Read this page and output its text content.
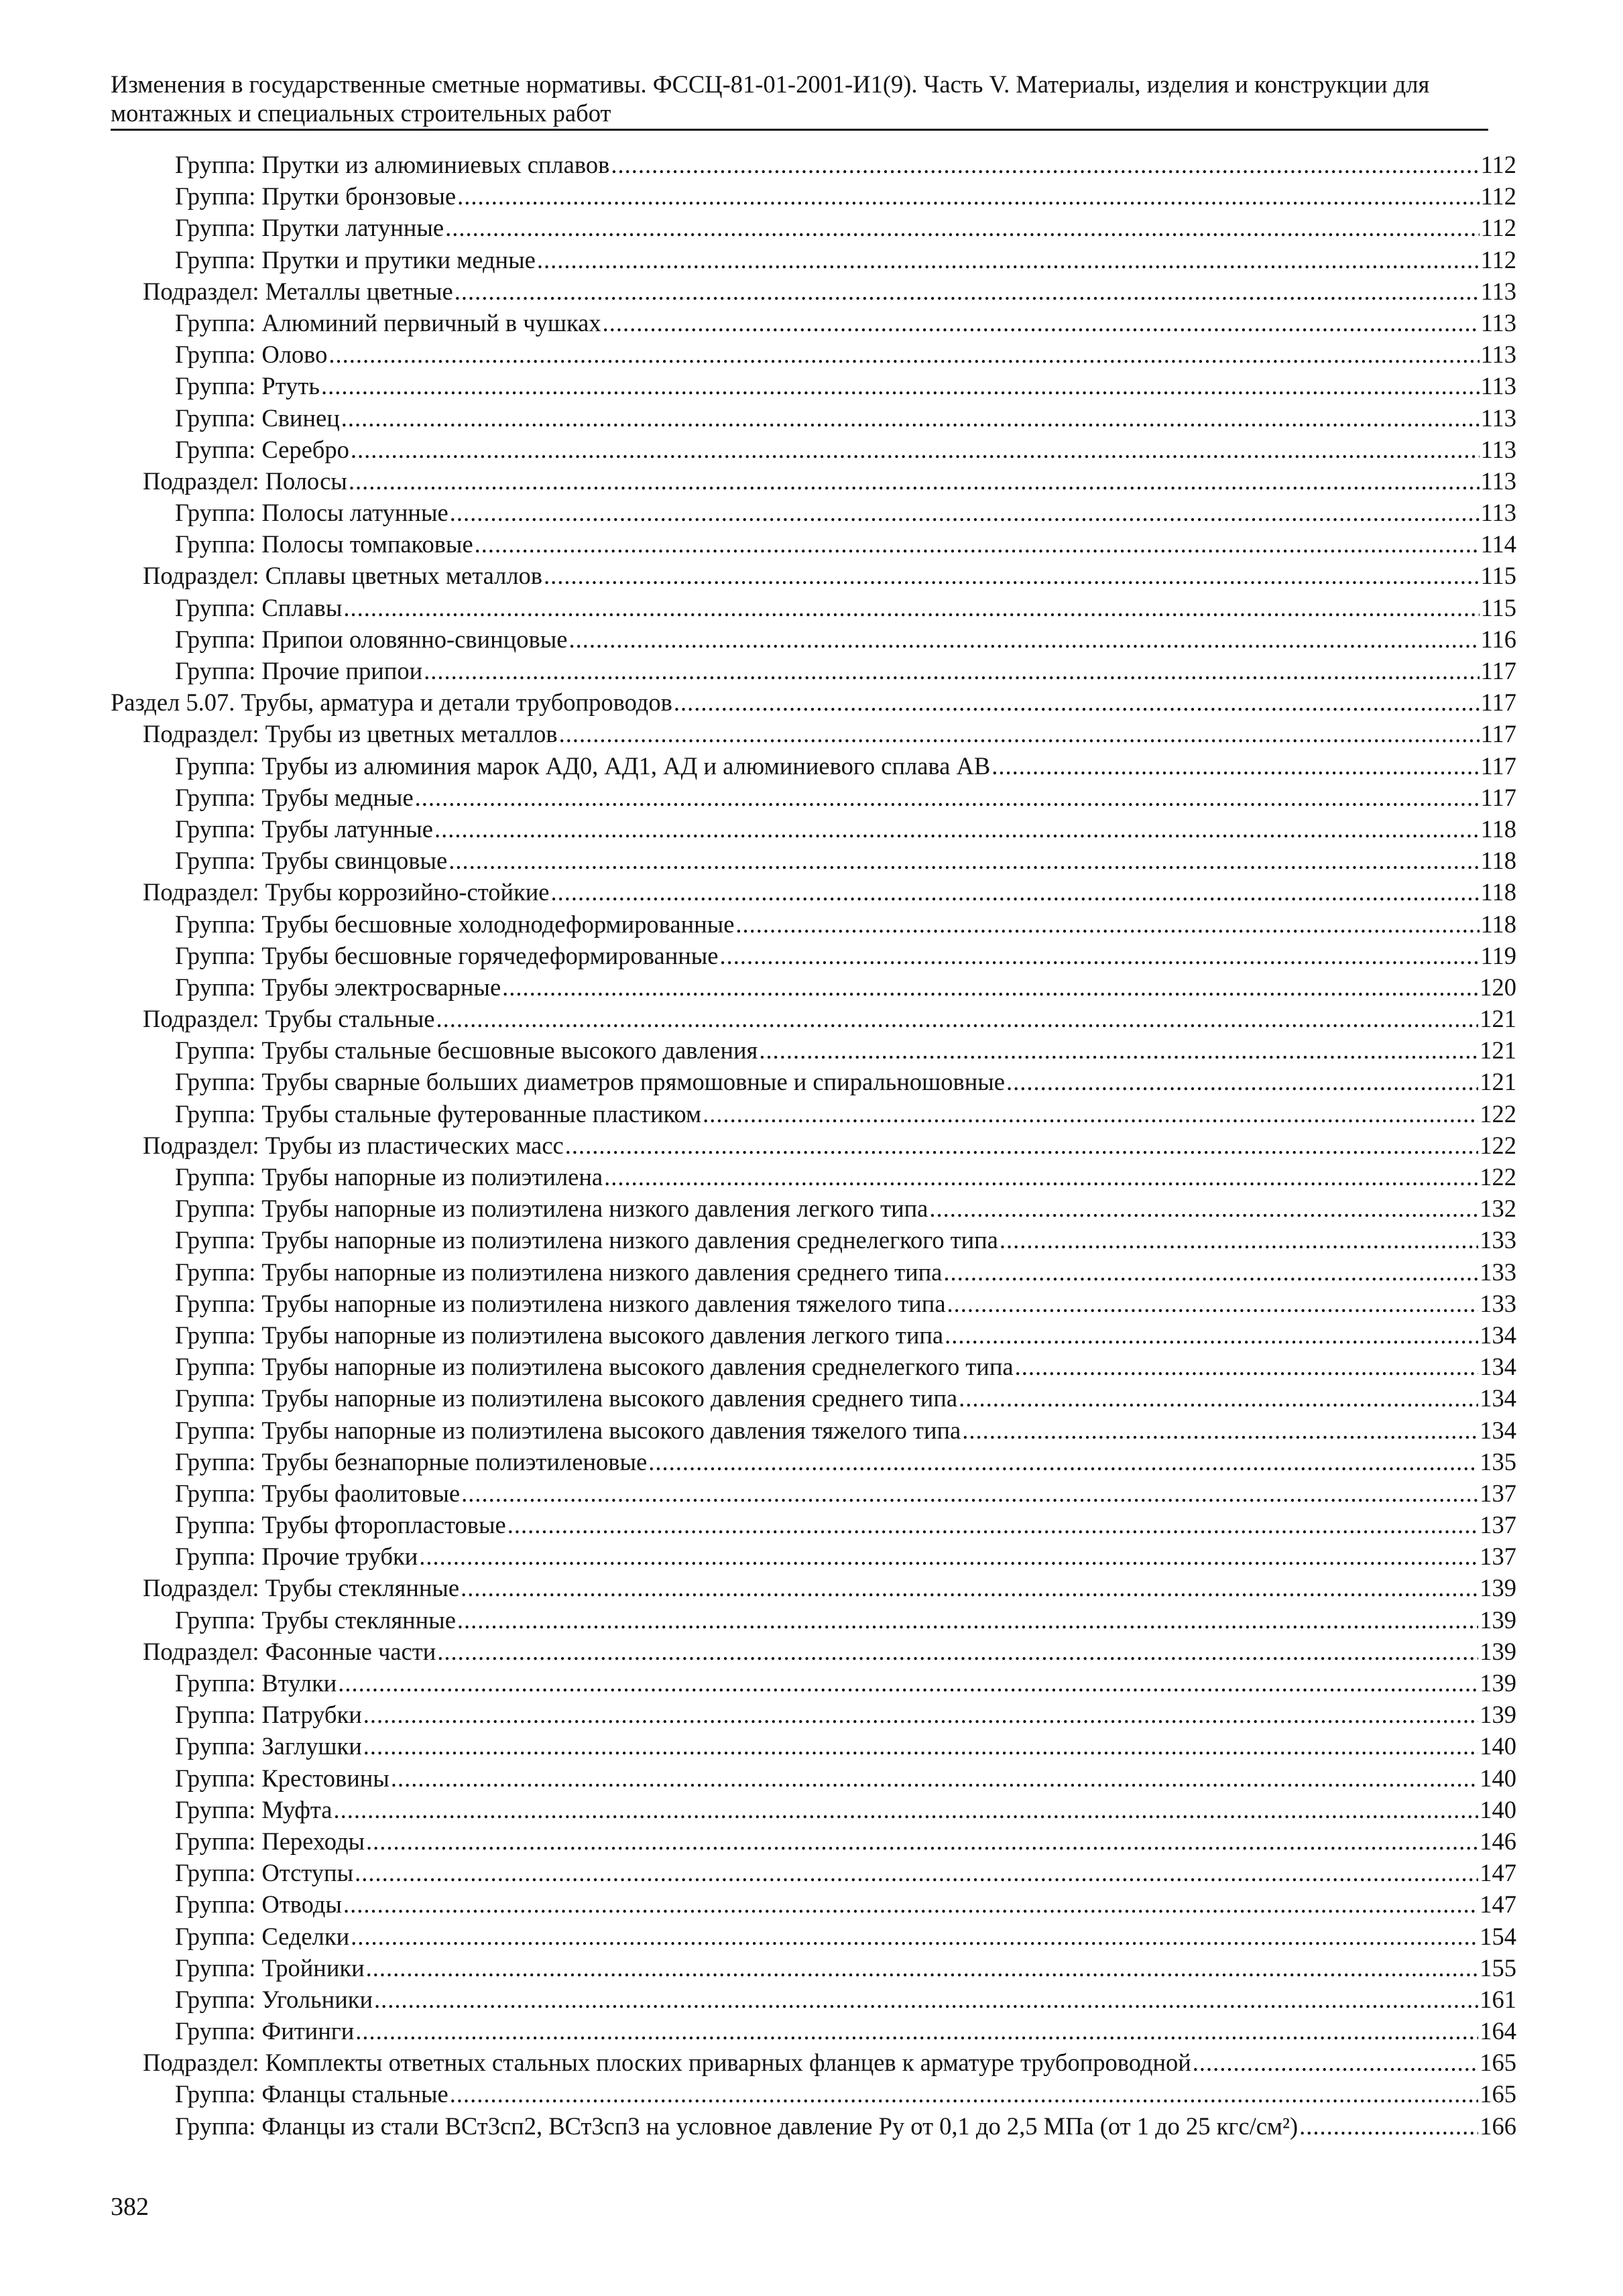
Изменения в государственные сметные нормативы. ФССЦ-81-01-2001-И1(9). Часть V. Материалы, изделия и конструкции для монтажных и специальных строительных работ
Группа: Прутки из алюминиевых сплавов .....	112
Группа: Прутки бронзовые .....	112
Группа: Прутки латунные .....	112
Группа: Прутки и прутики медные .....	112
Подраздел: Металлы цветные .....	113
Группа: Алюминий первичный в чушках .....	113
Группа: Олово .....	113
Группа: Ртуть .....	113
Группа: Свинец .....	113
Группа: Серебро .....	113
Подраздел: Полосы .....	113
Группа: Полосы латунные .....	113
Группа: Полосы томпаковые .....	114
Подраздел: Сплавы цветных металлов .....	115
Группа: Сплавы .....	115
Группа: Припои оловянно-свинцовые .....	116
Группа: Прочие припои .....	117
Раздел 5.07. Трубы, арматура и детали трубопроводов .....	117
Подраздел: Трубы из цветных металлов .....	117
Группа: Трубы из алюминия марок АД0, АД1, АД и алюминиевого сплава АВ .....	117
Группа: Трубы медные .....	117
Группа: Трубы латунные .....	118
Группа: Трубы свинцовые .....	118
Подраздел: Трубы коррозийно-стойкие .....	118
Группа: Трубы бесшовные холоднодеформированные .....	118
Группа: Трубы бесшовные горячедеформированные .....	119
Группа: Трубы электросварные .....	120
Подраздел: Трубы стальные .....	121
Группа: Трубы стальные бесшовные высокого давления .....	121
Группа: Трубы сварные больших диаметров прямошовные и спиральношовные .....	121
Группа: Трубы стальные футерованные пластиком .....	122
Подраздел: Трубы из пластических масс .....	122
Группа: Трубы напорные из полиэтилена .....	122
Группа: Трубы напорные из полиэтилена низкого давления легкого типа .....	132
Группа: Трубы напорные из полиэтилена низкого давления среднелегкого типа .....	133
Группа: Трубы напорные из полиэтилена низкого давления среднего типа .....	133
Группа: Трубы напорные из полиэтилена низкого давления тяжелого типа .....	133
Группа: Трубы напорные из полиэтилена высокого давления легкого типа .....	134
Группа: Трубы напорные из полиэтилена высокого давления среднелегкого типа .....	134
Группа: Трубы напорные из полиэтилена высокого давления среднего типа .....	134
Группа: Трубы напорные из полиэтилена высокого давления тяжелого типа .....	134
Группа: Трубы безнапорные полиэтиленовые .....	135
Группа: Трубы фаолитовые .....	137
Группа: Трубы фторопластовые .....	137
Группа: Прочие трубки .....	137
Подраздел: Трубы стеклянные .....	139
Группа: Трубы стеклянные .....	139
Подраздел: Фасонные части .....	139
Группа: Втулки .....	139
Группа: Патрубки .....	139
Группа: Заглушки .....	140
Группа: Крестовины .....	140
Группа: Муфта .....	140
Группа: Переходы .....	146
Группа: Отступы .....	147
Группа: Отводы .....	147
Группа: Седелки .....	154
Группа: Тройники .....	155
Группа: Угольники .....	161
Группа: Фитинги .....	164
Подраздел: Комплекты ответных стальных плоских приварных фланцев к арматуре трубопроводной .....	165
Группа: Фланцы стальные .....	165
Группа: Фланцы из стали ВСт3сп2, ВСт3сп3 на условное давление Ру от 0,1 до 2,5 МПа (от 1 до 25 кгс/см²) .....	166
382
